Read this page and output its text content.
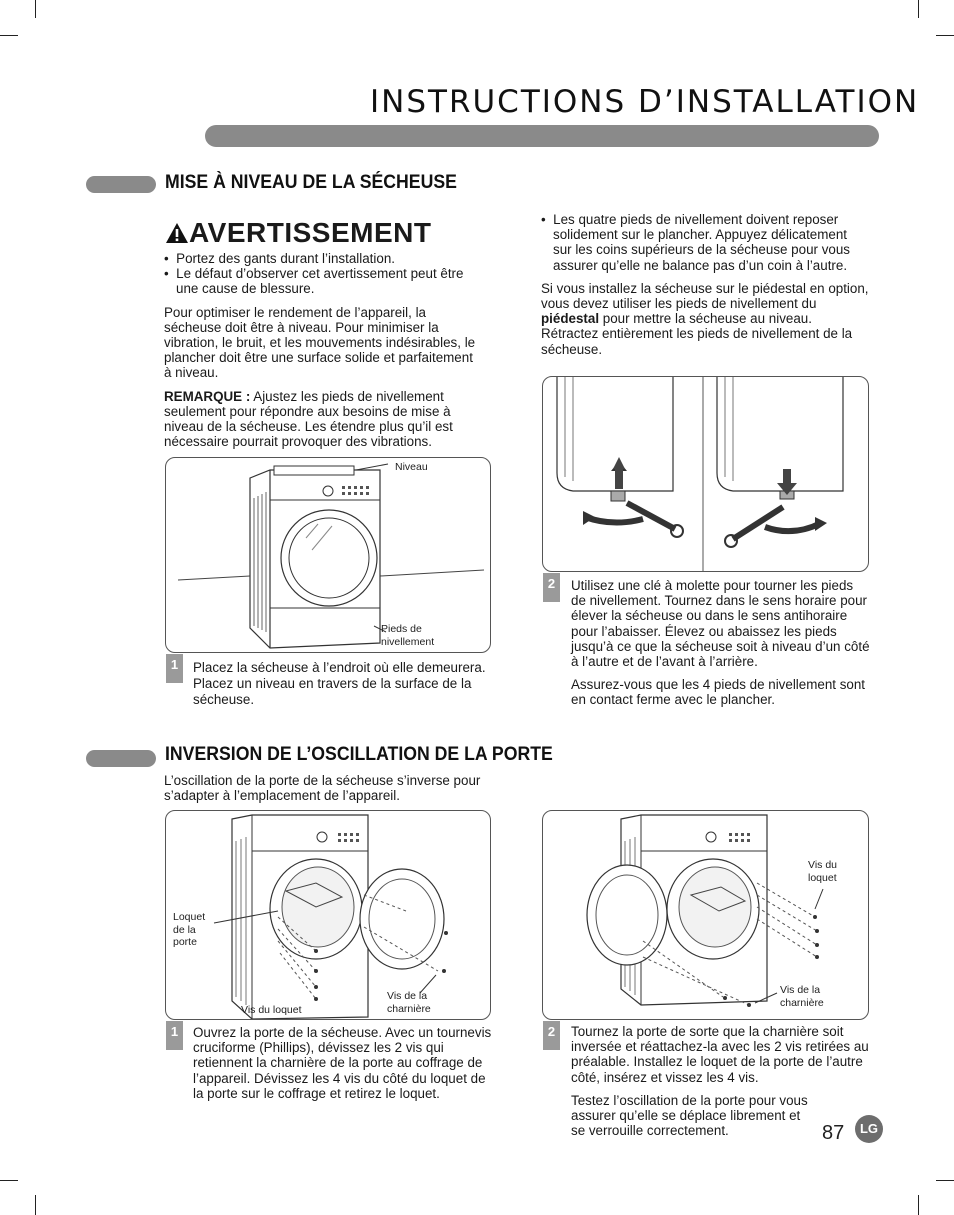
INSTRUCTIONS D’INSTALLATION
MISE À NIVEAU DE LA SÉCHEUSE
AVERTISSEMENT

•  Portez des gants durant l’installation.

•  Le défaut d’observer cet avertissement peut être une cause de blessure.

Pour optimiser le rendement de l’appareil, la sécheuse doit être à niveau. Pour minimiser la vibration, le bruit, et les mouvements indésirables, le plancher doit être une surface solide et parfaitement à niveau.

REMARQUE : Ajustez les pieds de nivellement seulement pour répondre aux besoins de mise à niveau de la sécheuse. Les étendre plus qu’il est nécessaire pourrait provoquer des vibrations.

•  Les quatre pieds de nivellement doivent reposer solidement sur le plancher. Appuyez délicatement sur les coins supérieurs de la sécheuse pour vous assurer qu’elle ne balance pas d’un coin à l’autre.

Si vous installez la sécheuse sur le piédestal en option, vous devez utiliser les pieds de nivellement du piédestal pour mettre la sécheuse au niveau. Rétractez entièrement les pieds de nivellement de la sécheuse.

Niveau
Pieds de nivellement
1	Placez la sécheuse à l’endroit où elle demeurera. Placez un niveau en travers de la surface de la sécheuse.
2	Utilisez une clé à molette pour tourner les pieds de nivellement. Tournez dans le sens horaire pour élever la sécheuse ou dans le sens antihoraire pour l’abaisser. Élevez ou abaissez les pieds jusqu’à ce que la sécheuse soit à niveau d’un côté à l’autre et de l’avant à l’arrière.

Assurez-vous que les 4 pieds de nivellement sont en contact ferme avec le plancher.

INVERSION DE L’OSCILLATION DE LA PORTE
L’oscillation de la porte de la sécheuse s’inverse pour s’adapter à l’emplacement de l’appareil.
Loquet de la porte
Vis du loquet
Vis de la charnière
1	Ouvrez la porte de la sécheuse. Avec un tournevis cruciforme (Phillips), dévissez les 2 vis qui retiennent la charnière de la porte au coffrage de l’appareil. Dévissez les 4 vis du côté du loquet de la porte sur le coffrage et retirez le loquet.
Vis du loquet
Vis de la charnière
2	Tournez la porte de sorte que la charnière soit inversée et réattachez-la avec les 2 vis retirées au préalable. Installez le loquet de la porte de l’autre côté, insérez et vissez les 4 vis.

Testez l’oscillation de la porte pour vous assurer qu’elle se déplace librement et se verrouille correctement.	87	LG
